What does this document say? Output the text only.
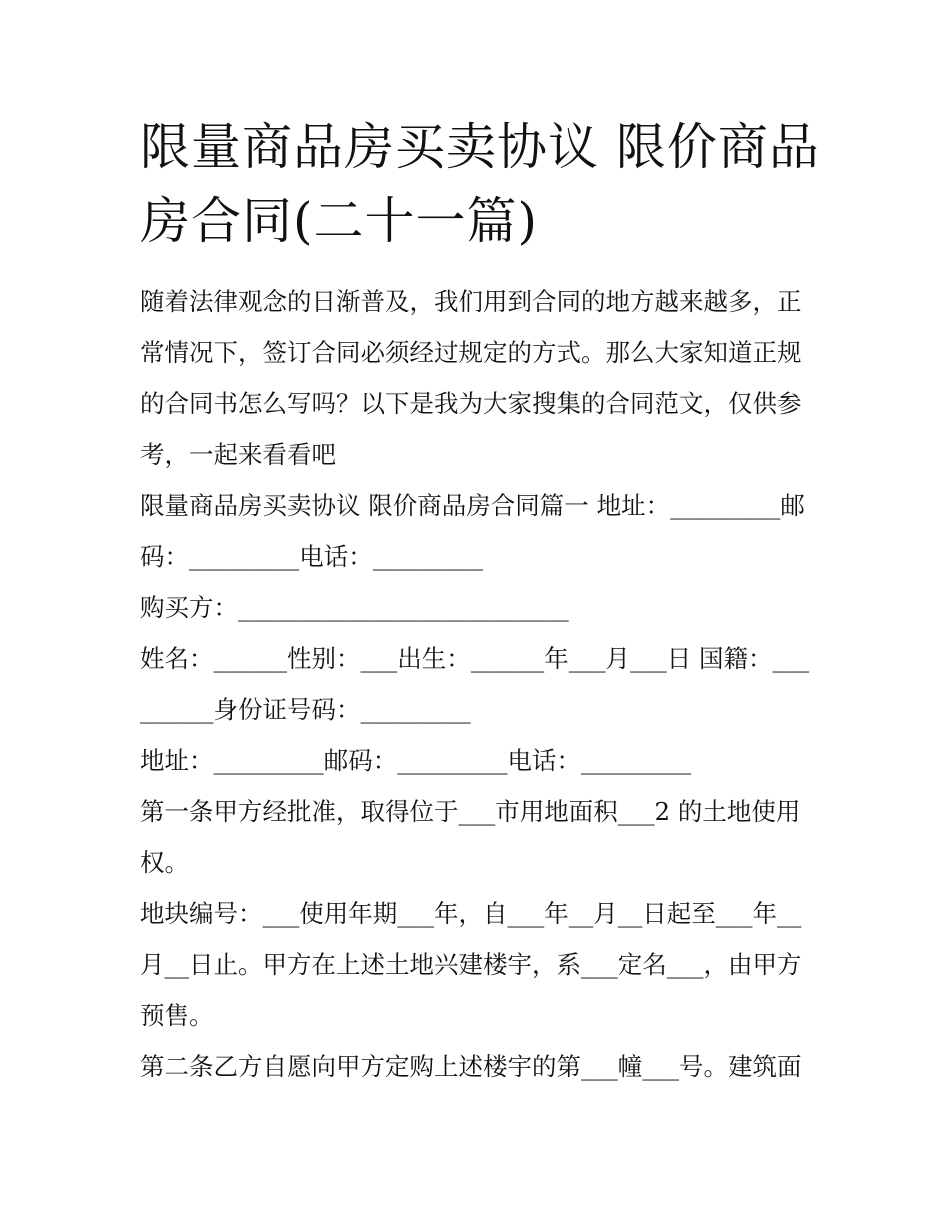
限量商品房买卖协议 限价商品房合同(二十一篇)

随着法律观念的日渐普及，我们用到合同的地方越来越多，正常情况下，签订合同必须经过规定的方式。那么大家知道正规的合同书怎么写吗？以下是我为大家搜集的合同范文，仅供参考，一起来看看吧

限量商品房买卖协议 限价商品房合同篇一 地址：_________邮码：_________电话：_________

购买方：___________________________

姓名：______性别：___出生：______年___月___日 国籍：_________身份证号码：_________

地址：_________邮码：_________电话：_________

第一条甲方经批准，取得位于___市用地面积___2 的土地使用权。

地块编号：___使用年期___年，自___年__月__日起至___年__月__日止。甲方在上述土地兴建楼宇，系___定名___，由甲方预售。

第二条乙方自愿向甲方定购上述楼宇的第___幢___号。建筑面
